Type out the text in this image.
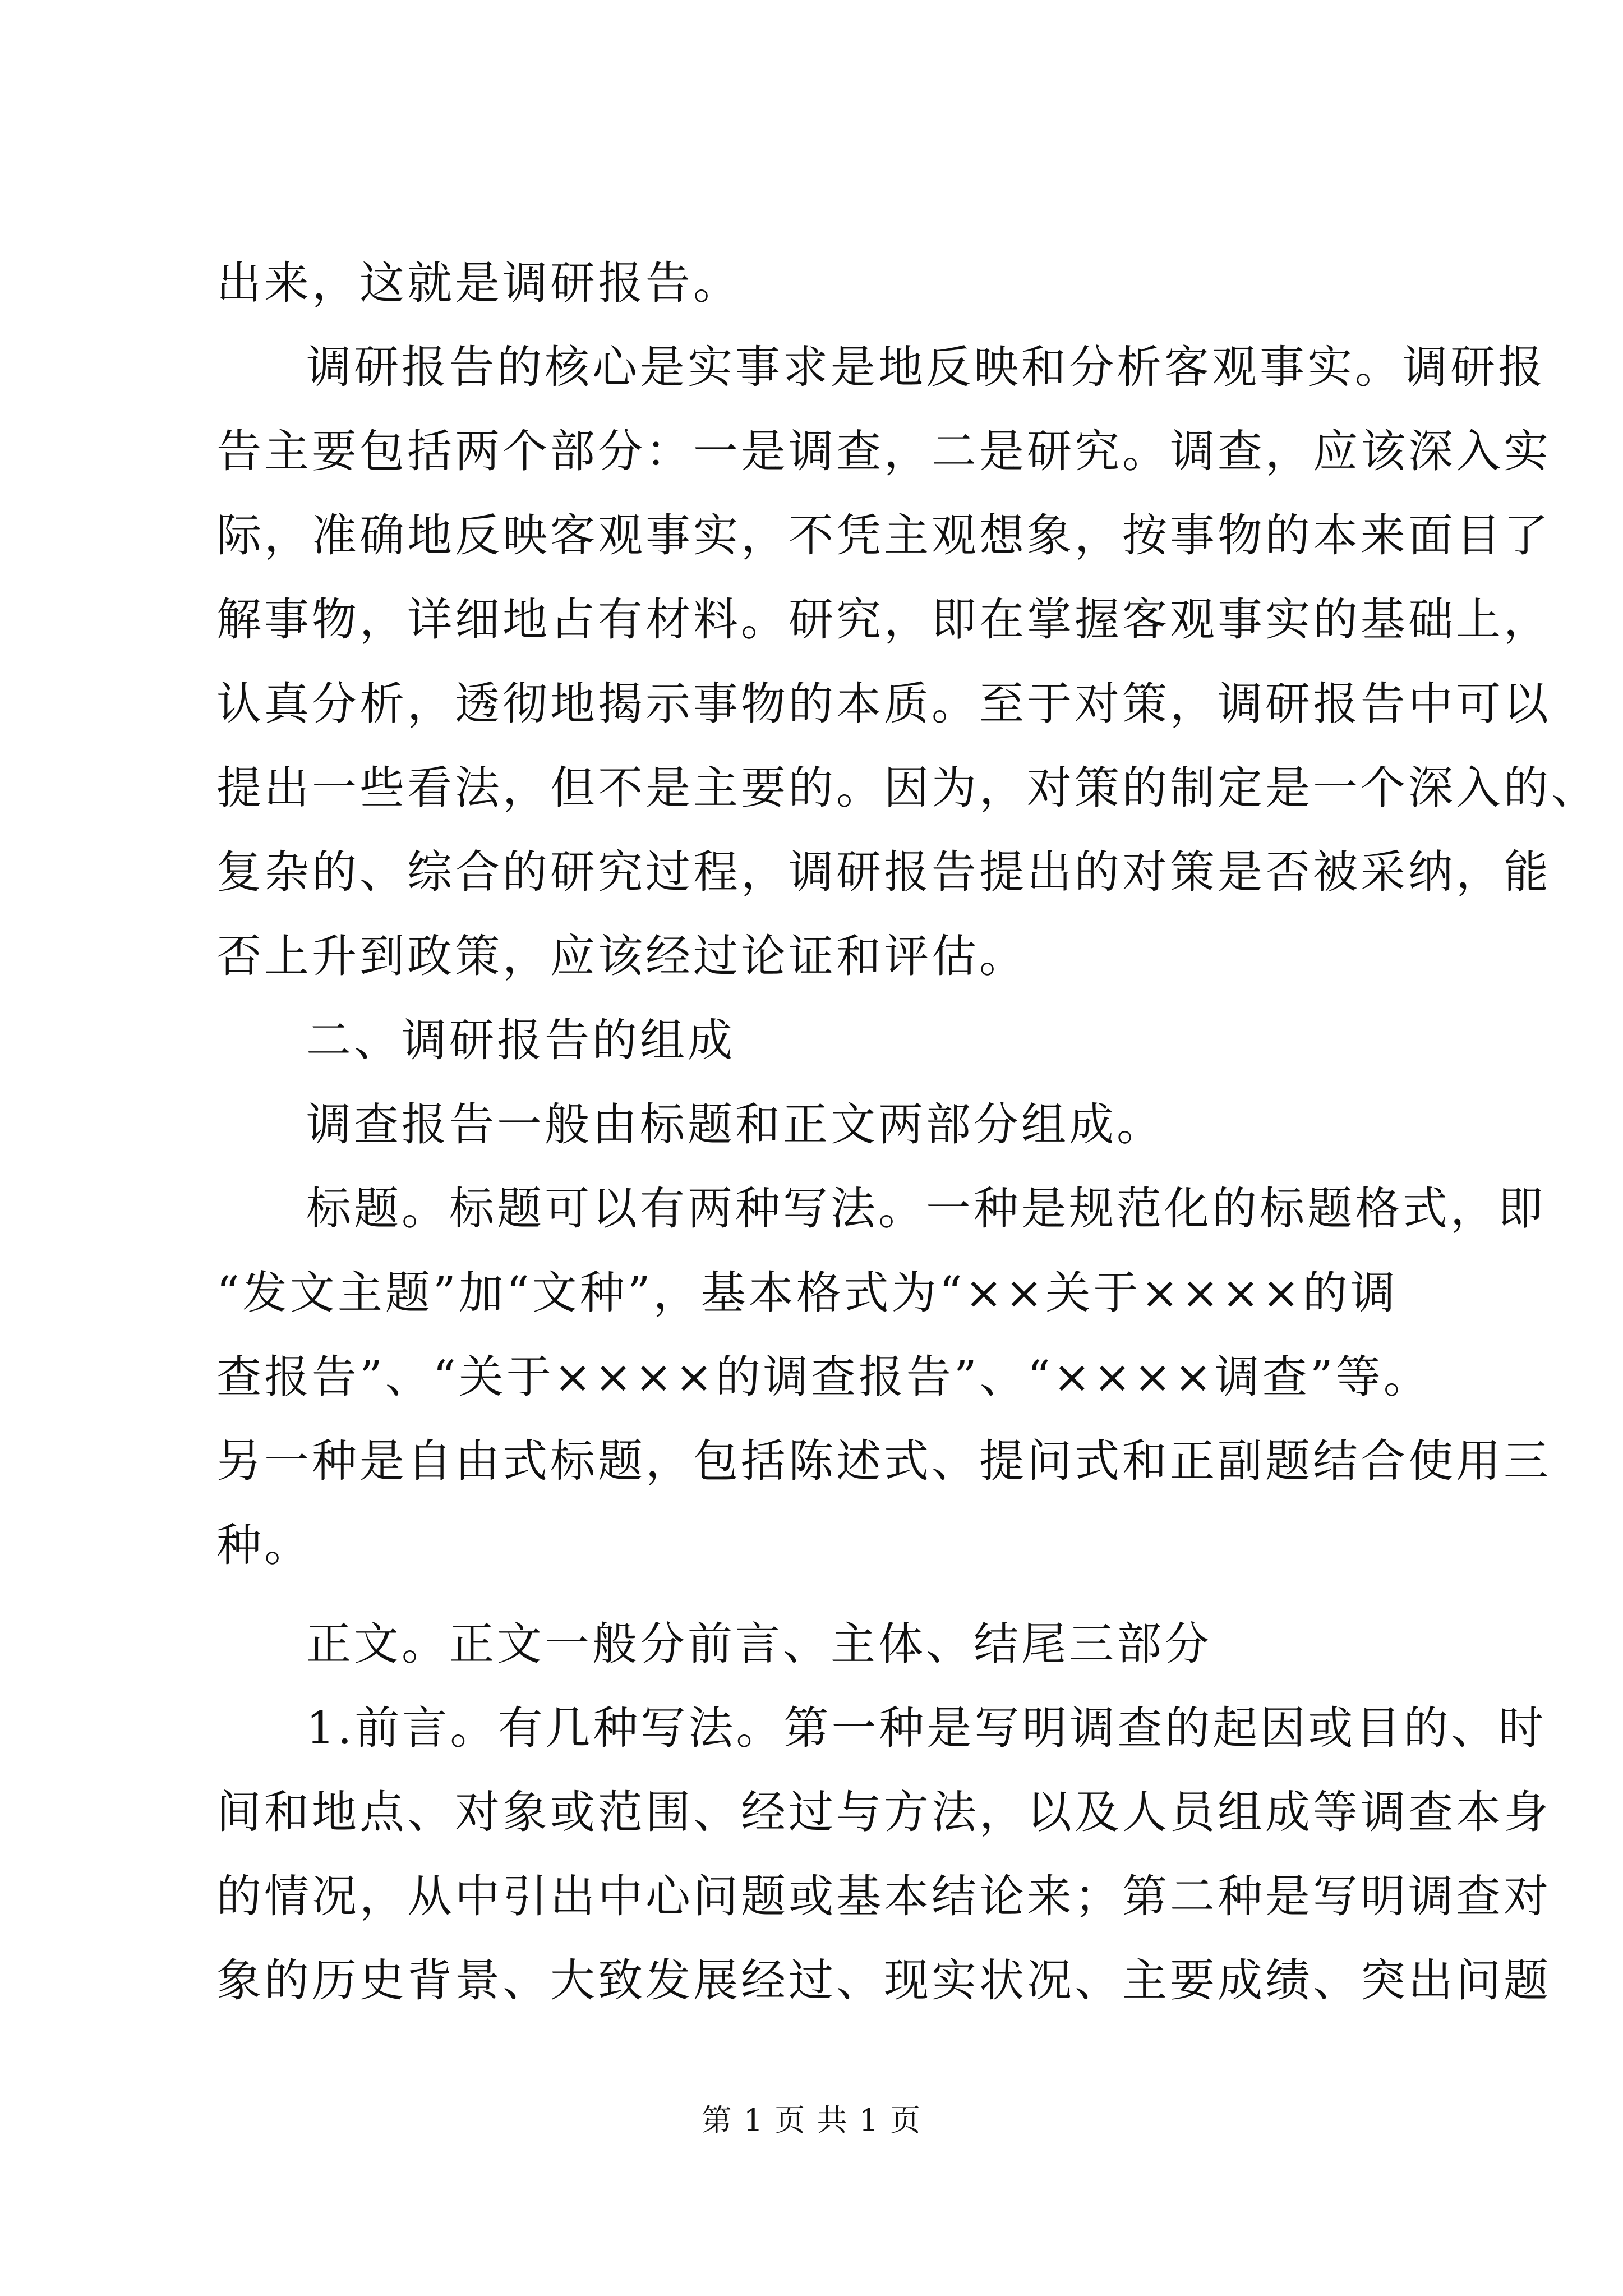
出来，这就是调研报告。

调研报告的核心是实事求是地反映和分析客观事实。调研报

告主要包括两个部分：一是调查，二是研究。调查，应该深入实

际，准确地反映客观事实，不凭主观想象，按事物的本来面目了

解事物，详细地占有材料。研究，即在掌握客观事实的基础上，

认真分析，透彻地揭示事物的本质。至于对策，调研报告中可以

提出一些看法，但不是主要的。因为，对策的制定是一个深入的、

复杂的、综合的研究过程，调研报告提出的对策是否被采纳，能

否上升到政策，应该经过论证和评估。

二、调研报告的组成

调查报告一般由标题和正文两部分组成。

标题。标题可以有两种写法。一种是规范化的标题格式，即

“发文主题”加“文种”，基本格式为“××关于××××的调

查报告”、“关于××××的调查报告”、“××××调查”等。

另一种是自由式标题，包括陈述式、提问式和正副题结合使用三

种。

正文。正文一般分前言、主体、结尾三部分

1.前言。有几种写法。第一种是写明调查的起因或目的、时

间和地点、对象或范围、经过与方法，以及人员组成等调查本身

的情况，从中引出中心问题或基本结论来；第二种是写明调查对

象的历史背景、大致发展经过、现实状况、主要成绩、突出问题

第 1 页 共 1 页
